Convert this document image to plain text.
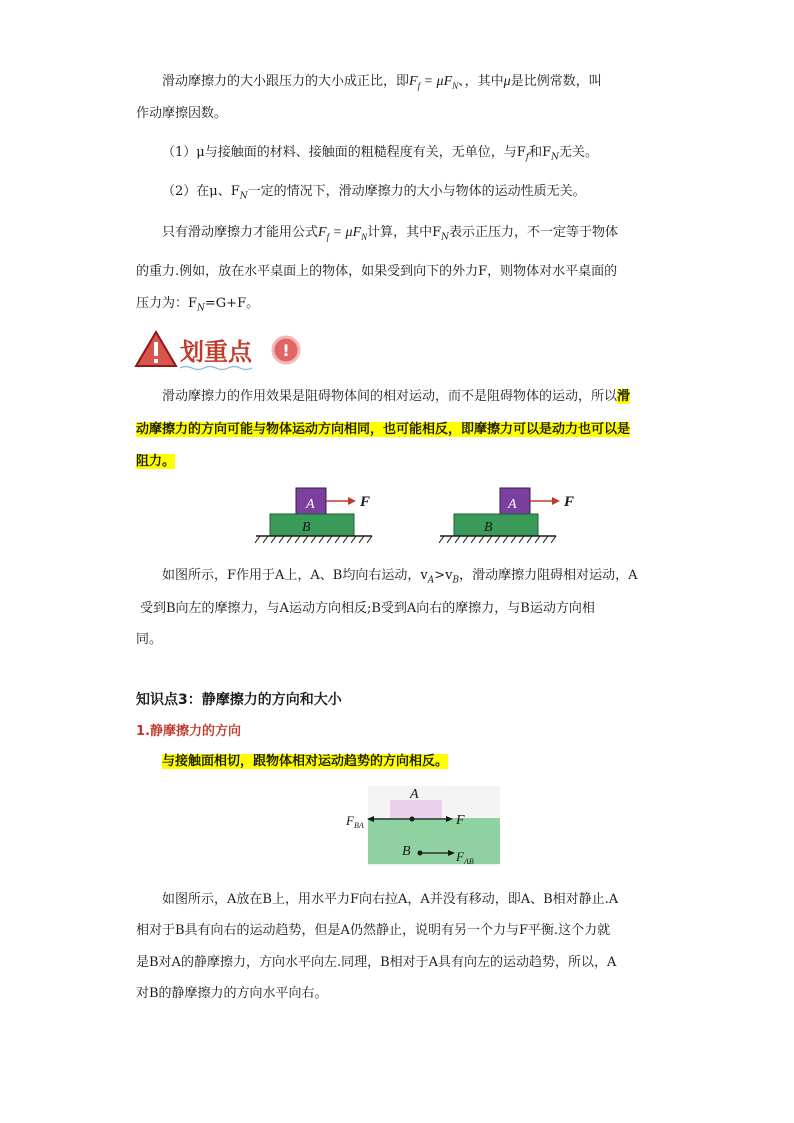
滑动摩擦力的大小跟压力的大小成正比，即$F_f = \mu F_N$、，其中μ是比例常数，叫
作动摩擦因数。
（1）μ与接触面的材料、接触面的粗糙程度有关，无单位，与$F_f$和$F_N$无关。
（2）在μ、$F_N$一定的情况下，滑动摩擦力的大小与物体的运动性质无关。
只有滑动摩擦力才能用公式$F_f = \mu F_N$计算，其中$F_N$表示正压力，不一定等于物体
的重力.例如，放在水平桌面上的物体，如果受到向下的外力F，则物体对水平桌面的
压力为：$F_N=G+F$。
划重点 !
滑动摩擦力的作用效果是阻碍物体间的相对运动，而不是阻碍物体的运动，所以滑
动摩擦力的方向可能与物体运动方向相同，也可能相反，即摩擦力可以是动力也可以是
阻力。
A	F
B
A	F
B
如图所示，F作用于A上，A、B均向右运动，$v_A>v_B$，滑动摩擦力阻碍相对运动，A
受到B向左的摩擦力，与A运动方向相反;B受到A向右的摩擦力，与B运动方向相
同。
知识点3：静摩擦力的方向和大小
1.静摩擦力的方向
与接触面相切，跟物体相对运动趋势的方向相反。
A
B
F
$F_{BA}$
$F_{AB}$
如图所示，A放在B上，用水平力F向右拉A，A并没有移动，即A、B相对静止.A
相对于B具有向右的运动趋势，但是A仍然静止，说明有另一个力与F平衡.这个力就
是B对A的静摩擦力，方向水平向左.同理，B相对于A具有向左的运动趋势，所以，A
对B的静摩擦力的方向水平向右。
